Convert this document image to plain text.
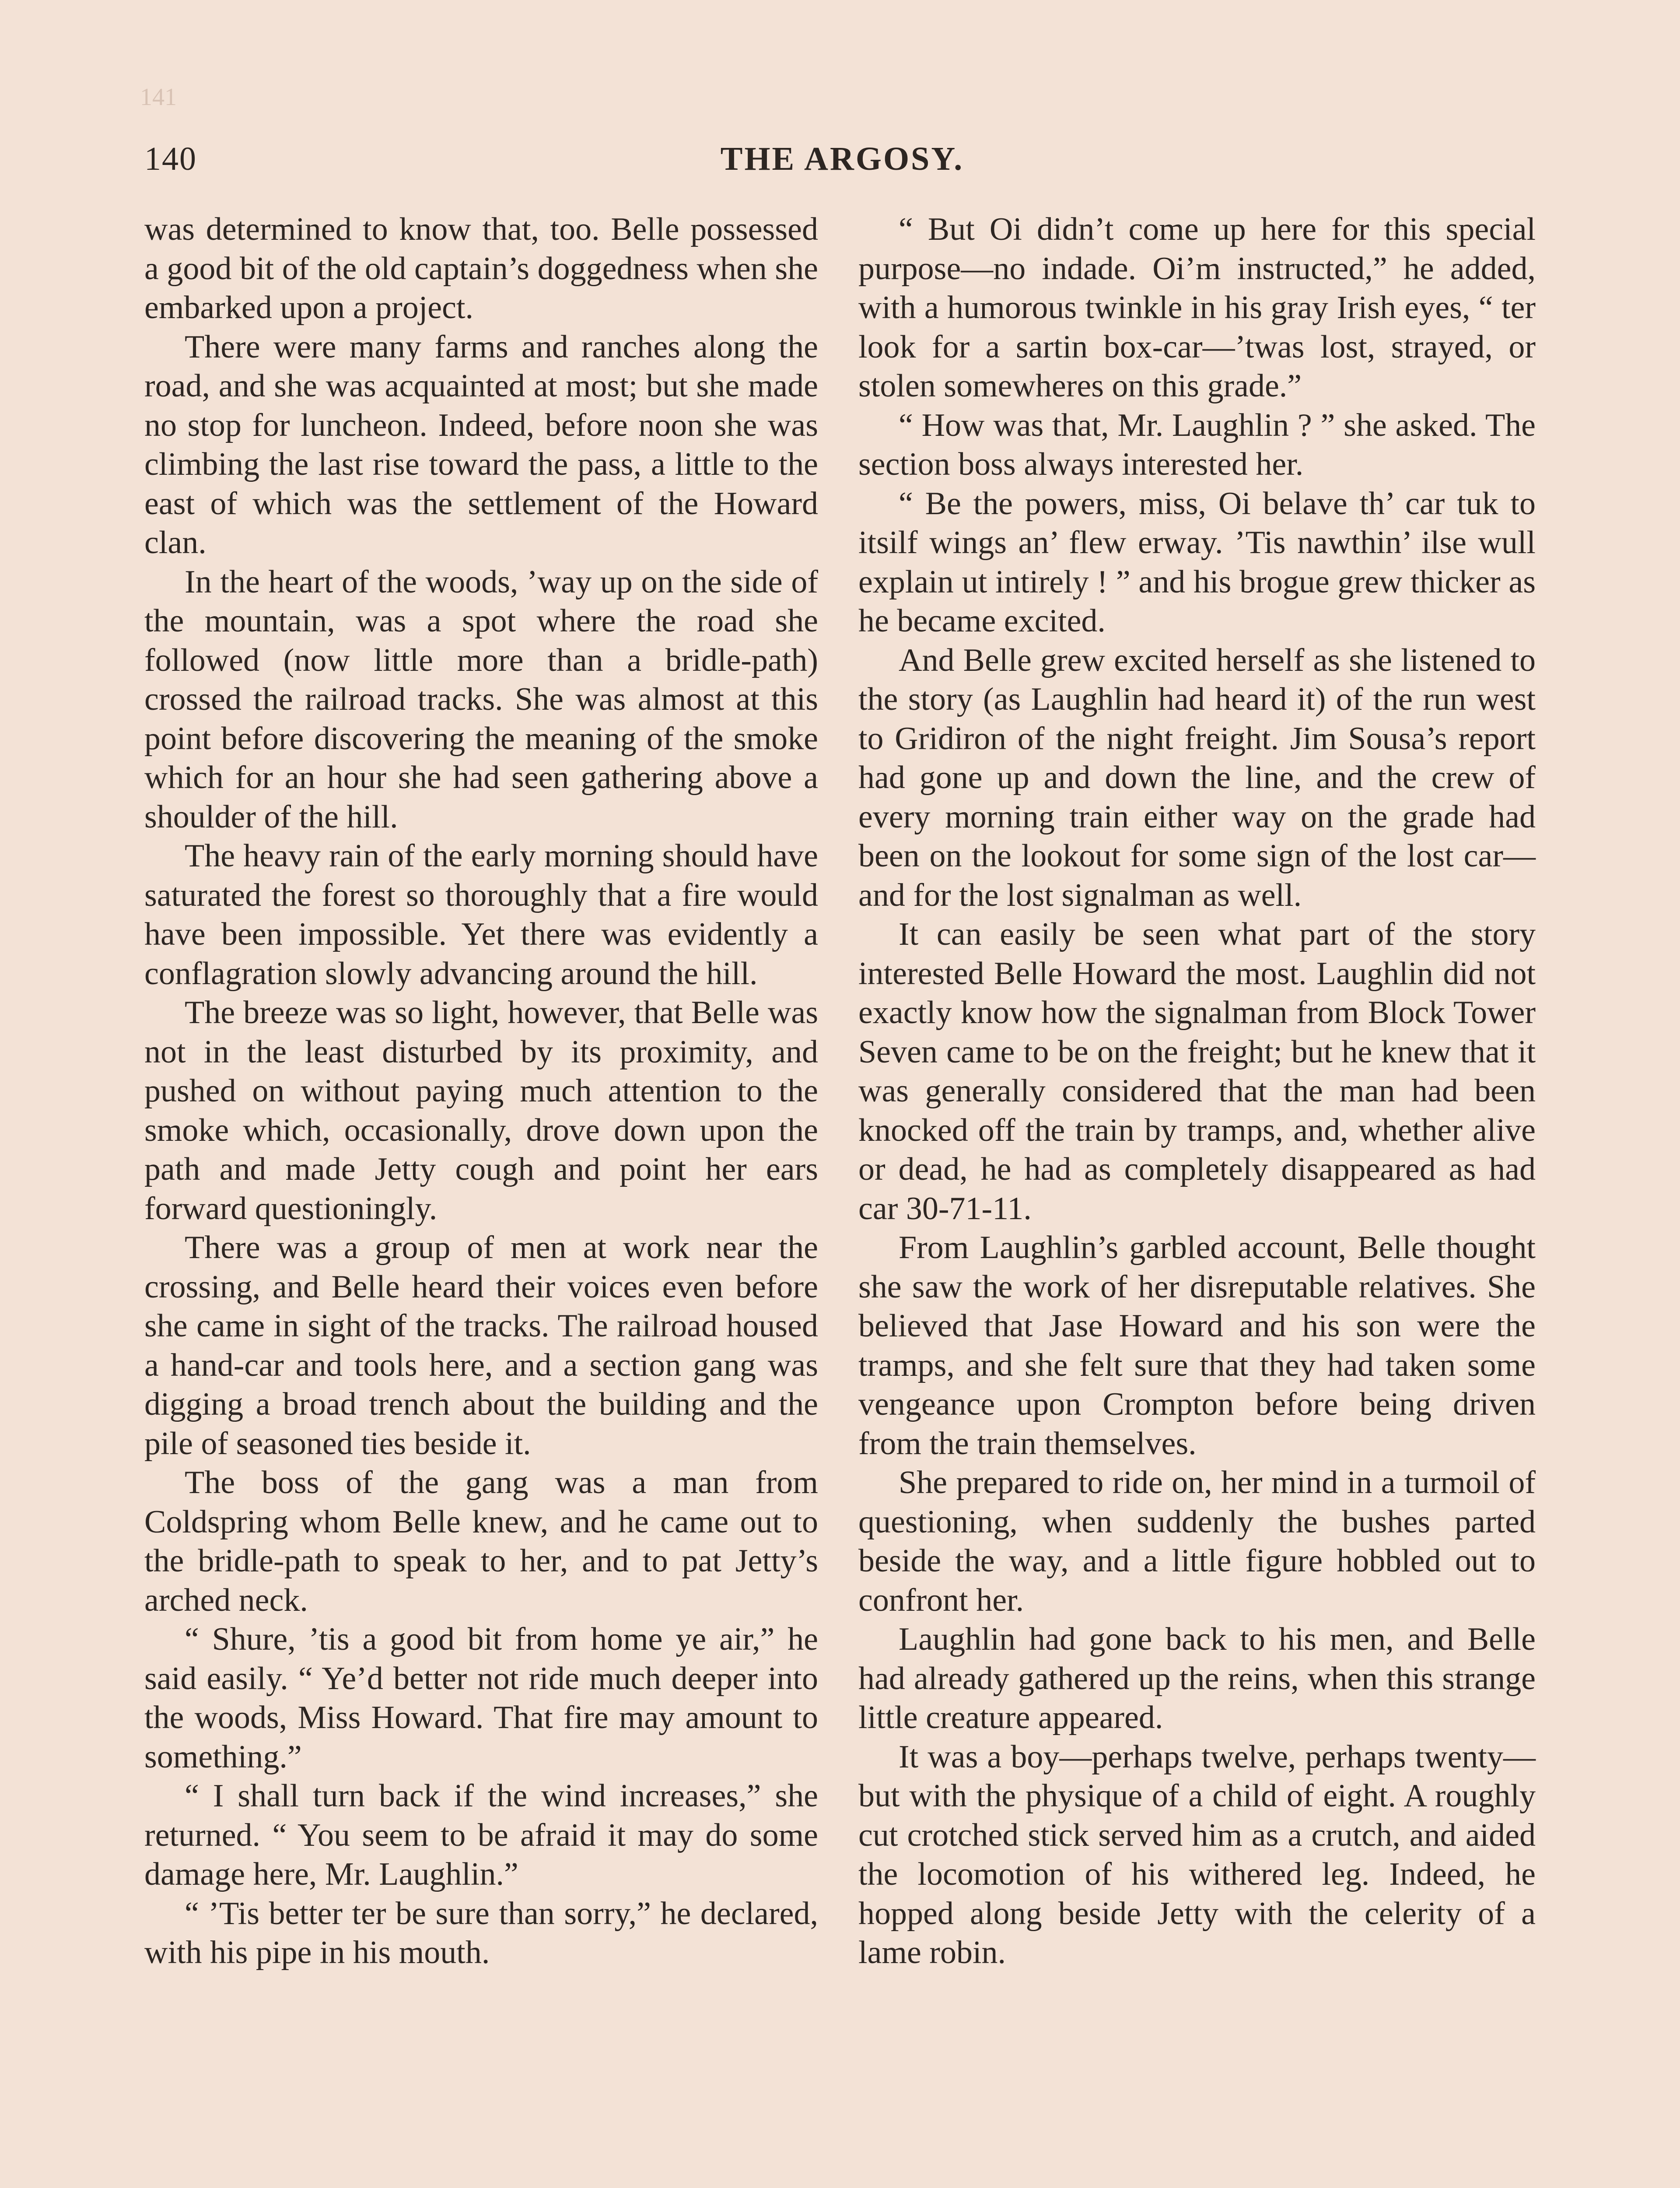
141
140	THE ARGOSY.

was determined to know that, too. Belle possessed a good bit of the old captain’s doggedness when she embarked upon a project.

There were many farms and ranches along the road, and she was acquainted at most; but she made no stop for luncheon. Indeed, before noon she was climbing the last rise toward the pass, a little to the east of which was the settlement of the Howard clan.

In the heart of the woods, ’way up on the side of the mountain, was a spot where the road she followed (now little more than a bridle-path) crossed the railroad tracks. She was almost at this point before discovering the meaning of the smoke which for an hour she had seen gathering above a shoulder of the hill.

The heavy rain of the early morning should have saturated the forest so thoroughly that a fire would have been impossible. Yet there was evidently a conflagration slowly advancing around the hill.

The breeze was so light, however, that Belle was not in the least disturbed by its proximity, and pushed on without paying much attention to the smoke which, occasionally, drove down upon the path and made Jetty cough and point her ears forward questioningly.

There was a group of men at work near the crossing, and Belle heard their voices even before she came in sight of the tracks. The railroad housed a hand-car and tools here, and a section gang was digging a broad trench about the building and the pile of seasoned ties beside it.

The boss of the gang was a man from Coldspring whom Belle knew, and he came out to the bridle-path to speak to her, and to pat Jetty’s arched neck.

“ Shure, ’tis a good bit from home ye air,” he said easily. “ Ye’d better not ride much deeper into the woods, Miss Howard. That fire may amount to something.”

“ I shall turn back if the wind increases,” she returned. “ You seem to be afraid it may do some damage here, Mr. Laughlin.”

“ ’Tis better ter be sure than sorry,” he declared, with his pipe in his mouth.

“ But Oi didn’t come up here for this special purpose—no indade. Oi’m instructed,” he added, with a humorous twinkle in his gray Irish eyes, “ ter look for a sartin box-car—’twas lost, strayed, or stolen somewheres on this grade.”

“ How was that, Mr. Laughlin ? ” she asked. The section boss always interested her.

“ Be the powers, miss, Oi belave th’ car tuk to itsilf wings an’ flew erway. ’Tis nawthin’ ilse wull explain ut intirely ! ” and his brogue grew thicker as he became excited.

And Belle grew excited herself as she listened to the story (as Laughlin had heard it) of the run west to Gridiron of the night freight. Jim Sousa’s report had gone up and down the line, and the crew of every morning train either way on the grade had been on the lookout for some sign of the lost car—and for the lost signalman as well.

It can easily be seen what part of the story interested Belle Howard the most. Laughlin did not exactly know how the signalman from Block Tower Seven came to be on the freight; but he knew that it was generally considered that the man had been knocked off the train by tramps, and, whether alive or dead, he had as completely disappeared as had car 30-71-11.

From Laughlin’s garbled account, Belle thought she saw the work of her disreputable relatives. She believed that Jase Howard and his son were the tramps, and she felt sure that they had taken some vengeance upon Crompton before being driven from the train themselves.

She prepared to ride on, her mind in a turmoil of questioning, when suddenly the bushes parted beside the way, and a little figure hobbled out to confront her.

Laughlin had gone back to his men, and Belle had already gathered up the reins, when this strange little creature appeared.

It was a boy—perhaps twelve, perhaps twenty—but with the physique of a child of eight. A roughly cut crotched stick served him as a crutch, and aided the locomotion of his withered leg. Indeed, he hopped along beside Jetty with the celerity of a lame robin.
